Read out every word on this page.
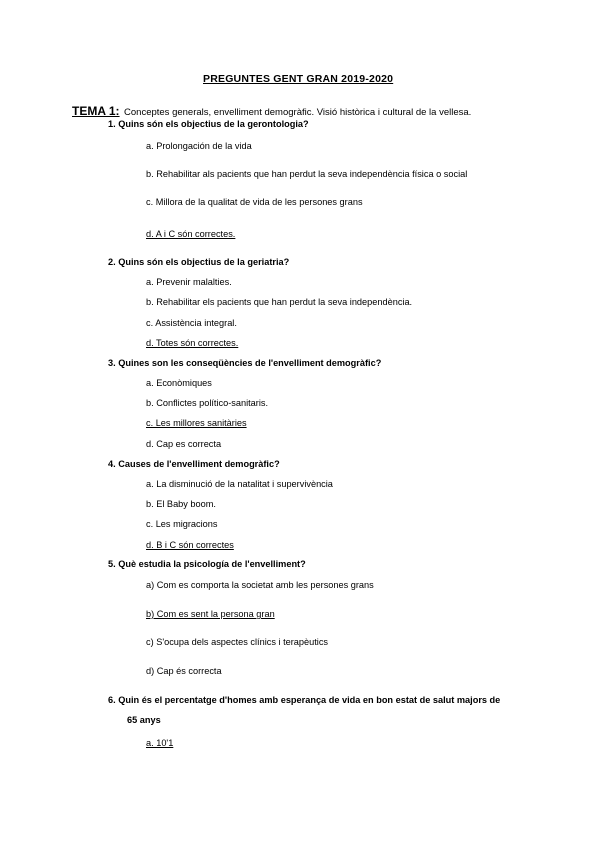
PREGUNTES GENT GRAN 2019-2020
TEMA 1: Conceptes generals, envelliment demogràfic. Visió històrica i cultural de la vellesa.
1. Quins són els objectius de la gerontologia?
a. Prolongación de la vida
b. Rehabilitar als pacients que han perdut la seva independència física o social
c. Millora de la qualitat de vida de les persones grans
d. A i C són correctes.
2. Quins són els objectius de la geriatria?
a. Prevenir malalties.
b. Rehabilitar els pacients que han perdut la seva independència.
c. Assistència integral.
d. Totes són correctes.
3. Quines son les conseqüències de l'envelliment demogràfic?
a. Econòmiques
b. Conflictes político-sanitaris.
c. Les millores sanitàries
d. Cap es correcta
4. Causes de l'envelliment demogràfic?
a. La disminució de la natalitat i supervivència
b. El Baby boom.
c. Les migracions
d. B i C són correctes
5. Què estudia la psicología de l'envelliment?
a) Com es comporta la societat amb les persones grans
b) Com es sent la persona gran
c) S'ocupa dels aspectes clínics i terapèutics
d) Cap és correcta
6. Quin és el percentatge d'homes amb esperança de vida en bon estat de salut majors de
65 anys
a. 10'1
